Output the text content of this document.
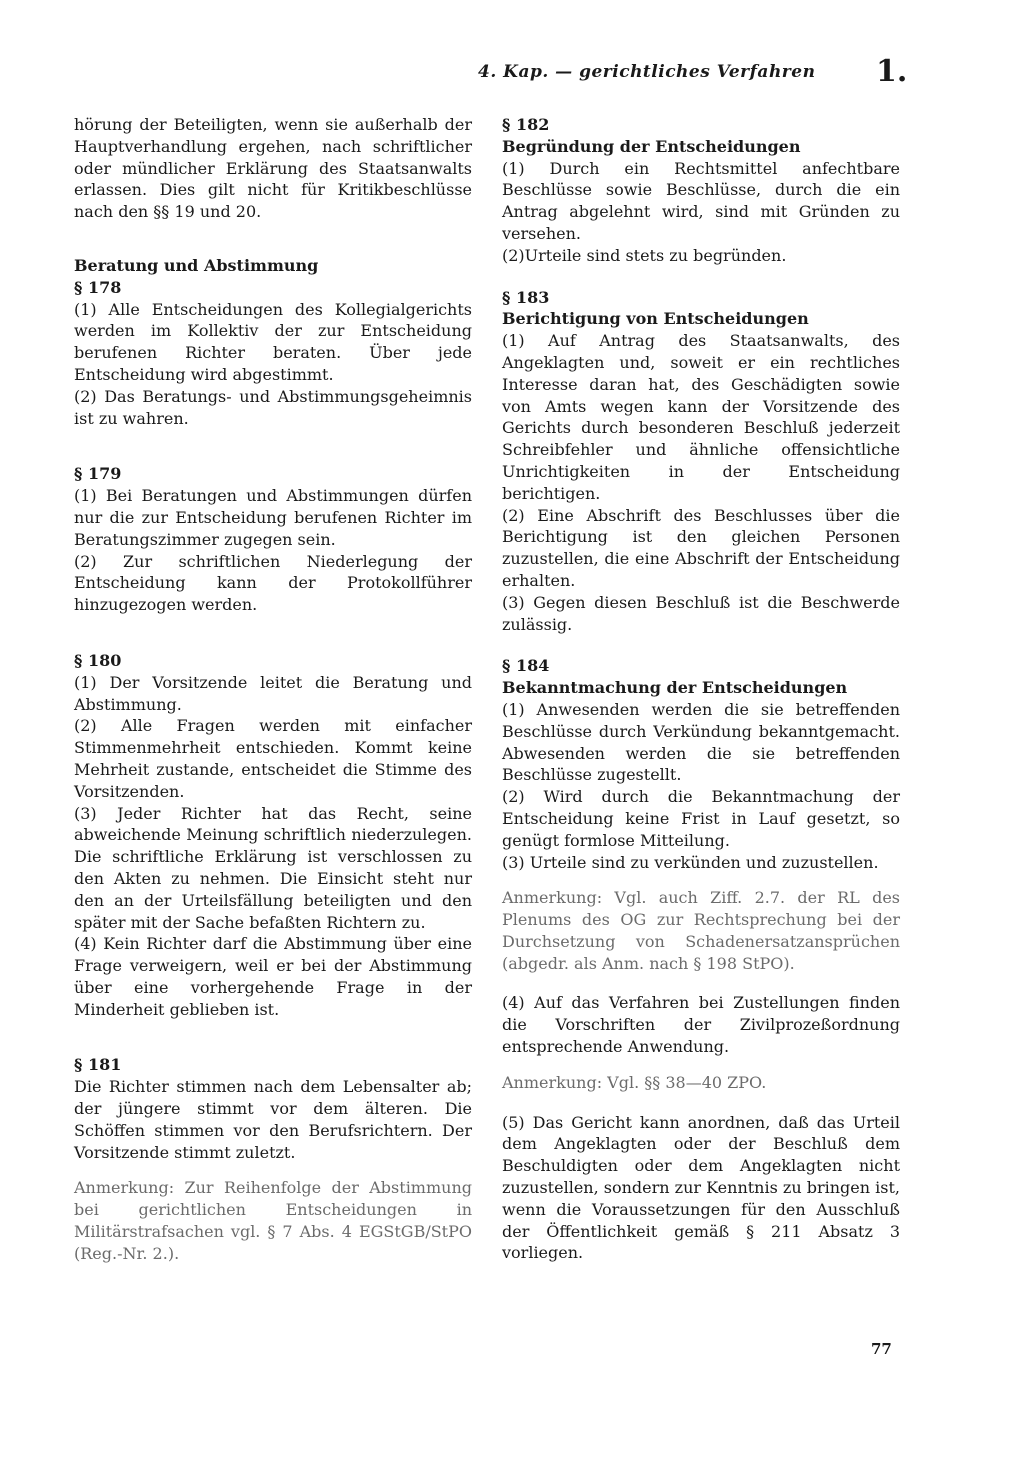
4. Kap. — gerichtliches Verfahren 1.

hörung der Beteiligten, wenn sie außerhalb der Hauptverhandlung ergehen, nach schriftlicher oder mündlicher Erklärung des Staatsanwalts erlassen. Dies gilt nicht für Kritikbeschlüsse nach den §§ 19 und 20.

Beratung und Abstimmung

§ 178

(1) Alle Entscheidungen des Kollegialgerichts werden im Kollektiv der zur Entscheidung berufenen Richter beraten. Über jede Entscheidung wird abgestimmt.

(2) Das Beratungs- und Abstimmungsgeheimnis ist zu wahren.

§ 179

(1) Bei Beratungen und Abstimmungen dürfen nur die zur Entscheidung berufenen Richter im Beratungszimmer zugegen sein.

(2) Zur schriftlichen Niederlegung der Entscheidung kann der Protokollführer hinzugezogen werden.

§ 180

(1) Der Vorsitzende leitet die Beratung und Abstimmung.

(2) Alle Fragen werden mit einfacher Stimmenmehrheit entschieden. Kommt keine Mehrheit zustande, entscheidet die Stimme des Vorsitzenden.

(3) Jeder Richter hat das Recht, seine abweichende Meinung schriftlich niederzulegen. Die schriftliche Erklärung ist verschlossen zu den Akten zu nehmen. Die Einsicht steht nur den an der Urteilsfällung beteiligten und den später mit der Sache befaßten Richtern zu.

(4) Kein Richter darf die Abstimmung über eine Frage verweigern, weil er bei der Abstimmung über eine vorhergehende Frage in der Minderheit geblieben ist.

§ 181

Die Richter stimmen nach dem Lebensalter ab; der jüngere stimmt vor dem älteren. Die Schöffen stimmen vor den Berufsrichtern. Der Vorsitzende stimmt zuletzt.

Anmerkung: Zur Reihenfolge der Abstimmung bei gerichtlichen Entscheidungen in Militärstrafsachen vgl. § 7 Abs. 4 EGStGB/StPO (Reg.-Nr. 2.).

§ 182

Begründung der Entscheidungen

(1) Durch ein Rechtsmittel anfechtbare Beschlüsse sowie Beschlüsse, durch die ein Antrag abgelehnt wird, sind mit Gründen zu versehen.

(2)Urteile sind stets zu begründen.

§ 183

Berichtigung von Entscheidungen

(1) Auf Antrag des Staatsanwalts, des Angeklagten und, soweit er ein rechtliches Interesse daran hat, des Geschädigten sowie von Amts wegen kann der Vorsitzende des Gerichts durch besonderen Beschluß jederzeit Schreibfehler und ähnliche offensichtliche Unrichtigkeiten in der Entscheidung berichtigen.

(2) Eine Abschrift des Beschlusses über die Berichtigung ist den gleichen Personen zuzustellen, die eine Abschrift der Entscheidung erhalten.

(3) Gegen diesen Beschluß ist die Beschwerde zulässig.

§ 184

Bekanntmachung der Entscheidungen

(1) Anwesenden werden die sie betreffenden Beschlüsse durch Verkündung bekanntgemacht. Abwesenden werden die sie betreffenden Beschlüsse zugestellt.

(2) Wird durch die Bekanntmachung der Entscheidung keine Frist in Lauf gesetzt, so genügt formlose Mitteilung.

(3) Urteile sind zu verkünden und zuzustellen.

Anmerkung: Vgl. auch Ziff. 2.7. der RL des Plenums des OG zur Rechtsprechung bei der Durchsetzung von Schadenersatzansprüchen (abgedr. als Anm. nach § 198 StPO).

(4) Auf das Verfahren bei Zustellungen finden die Vorschriften der Zivilprozeßordnung entsprechende Anwendung.

Anmerkung: Vgl. §§ 38—40 ZPO.

(5) Das Gericht kann anordnen, daß das Urteil dem Angeklagten oder der Beschluß dem Beschuldigten oder dem Angeklagten nicht zuzustellen, sondern zur Kenntnis zu bringen ist, wenn die Voraussetzungen für den Ausschluß der Öffentlichkeit gemäß § 211 Absatz 3 vorliegen.

77
